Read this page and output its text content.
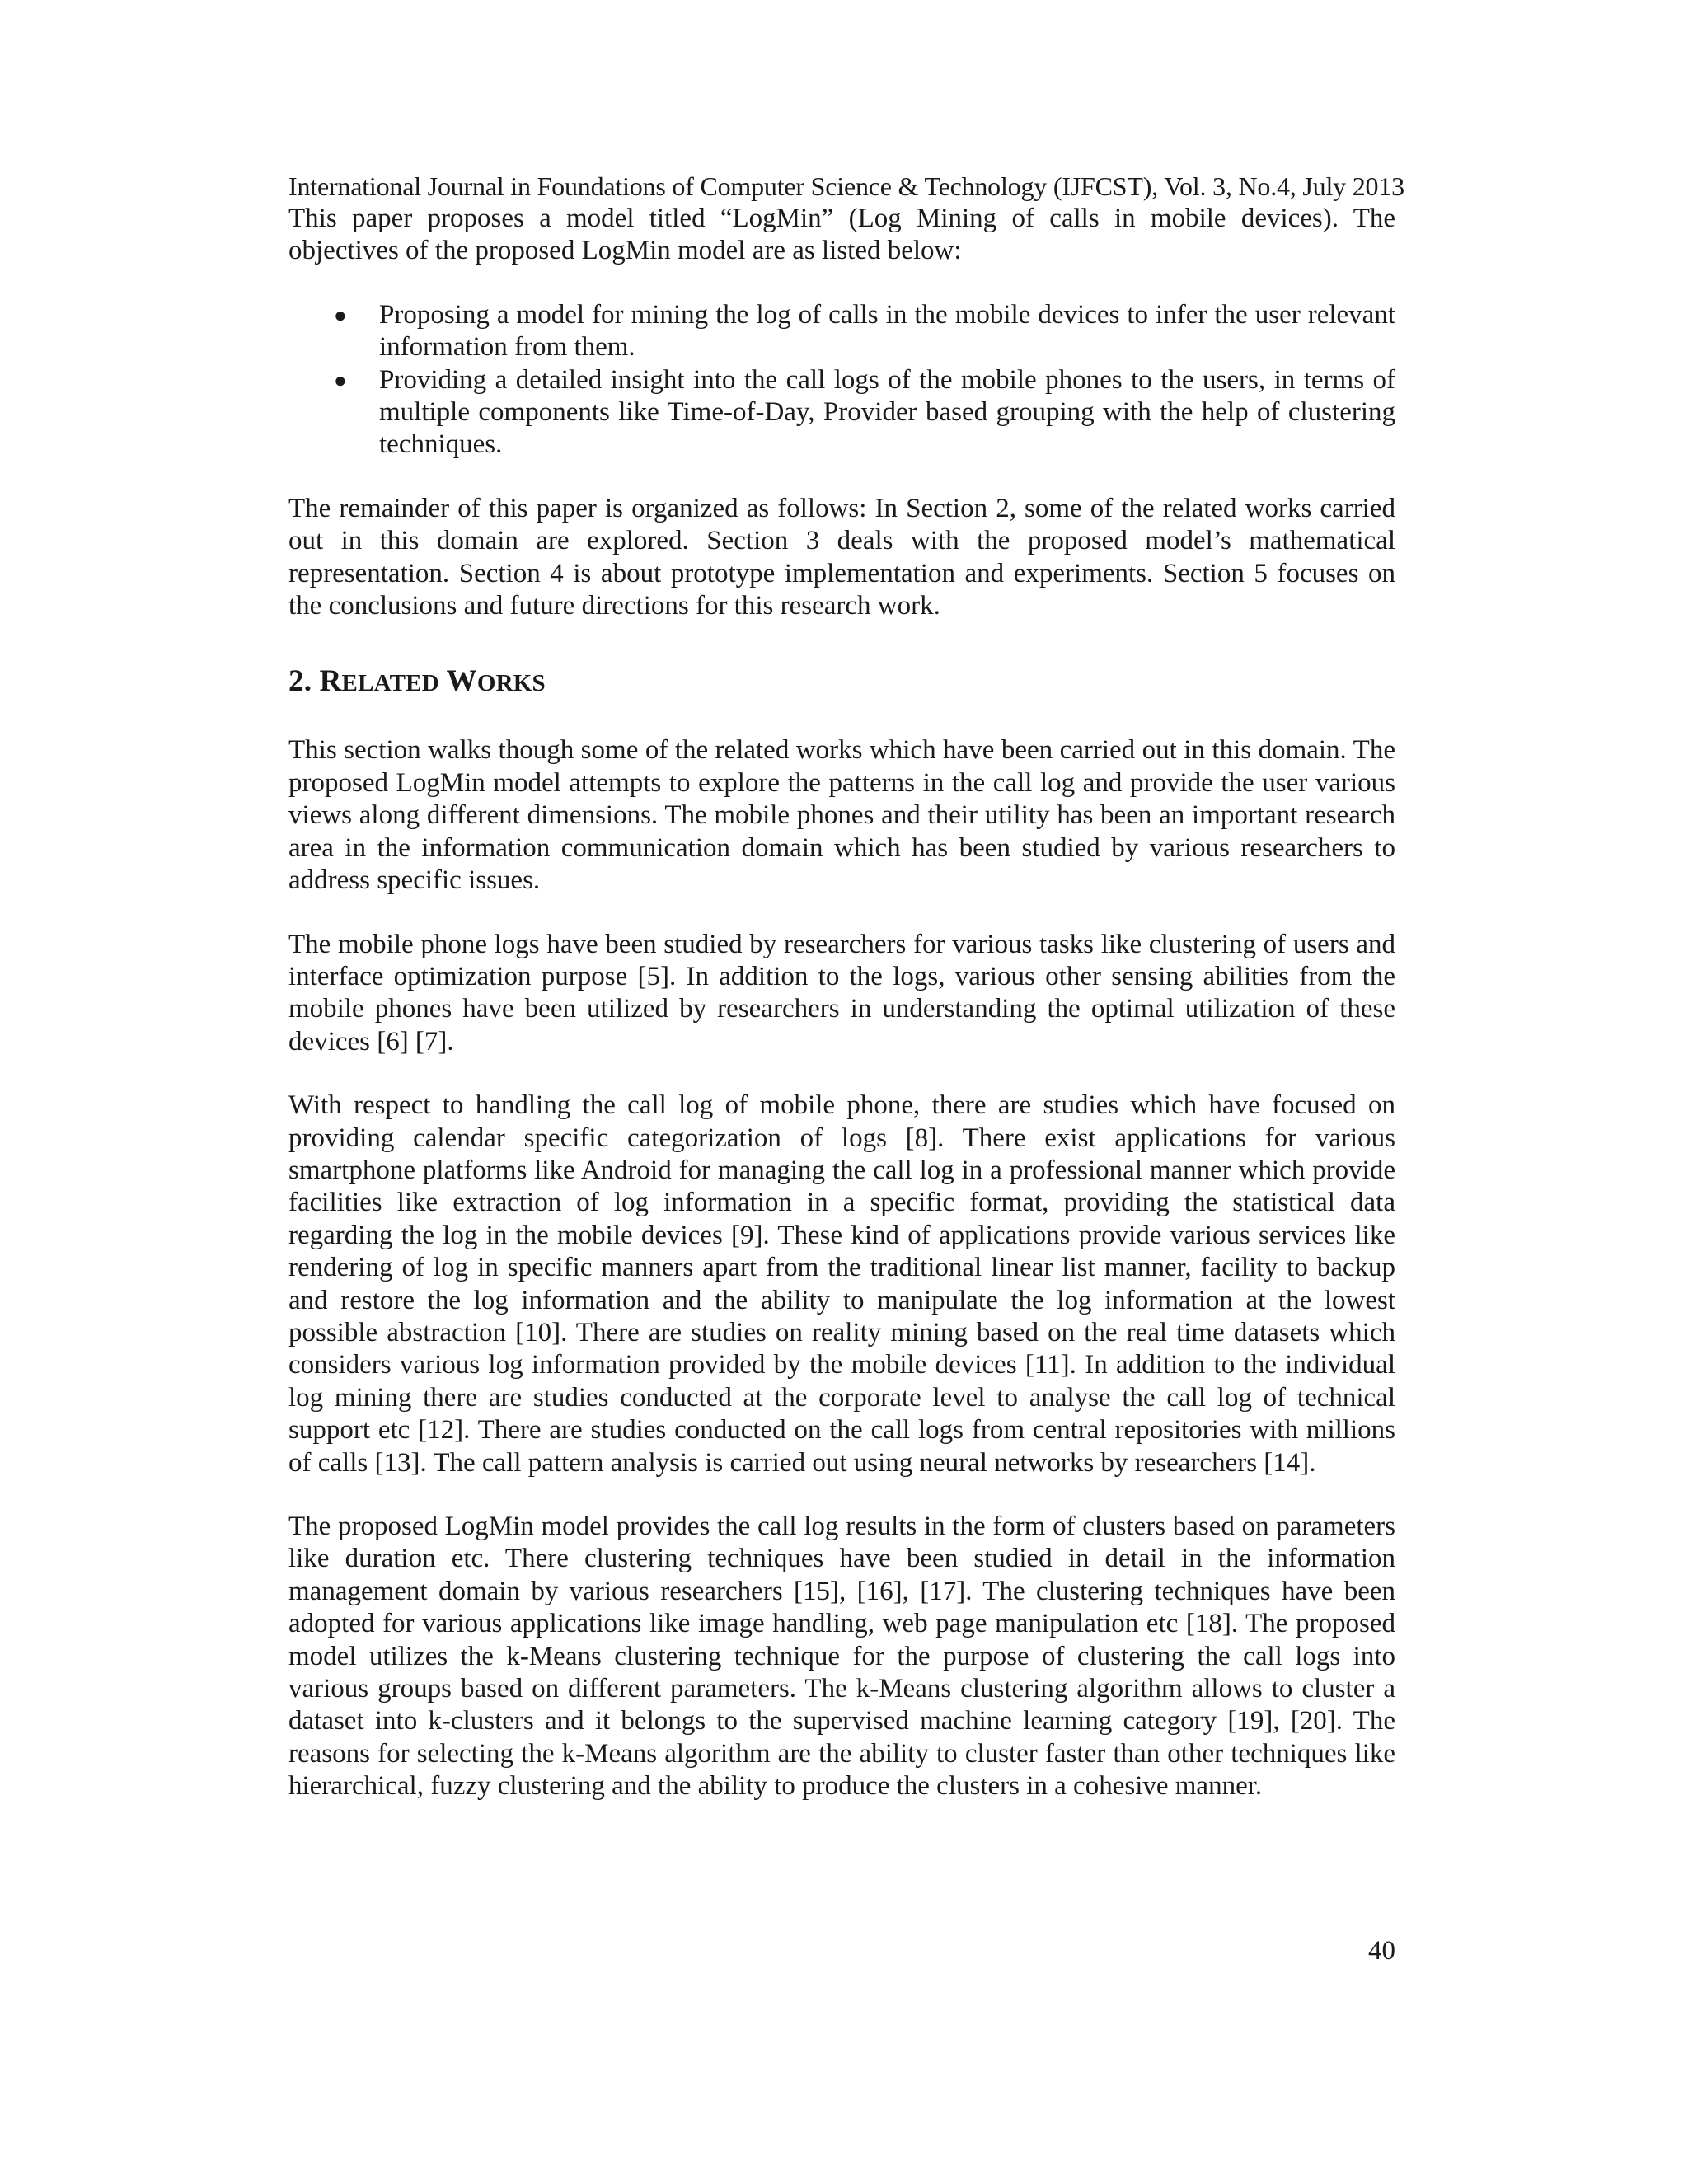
International Journal in Foundations of Computer Science & Technology (IJFCST), Vol. 3, No.4, July 2013

This paper proposes a model titled “LogMin” (Log Mining of calls in mobile devices). The objectives of the proposed LogMin model are as listed below:

● Proposing a model for mining the log of calls in the mobile devices to infer the user relevant information from them.
● Providing a detailed insight into the call logs of the mobile phones to the users, in terms of multiple components like Time-of-Day, Provider based grouping with the help of clustering techniques.

The remainder of this paper is organized as follows: In Section 2, some of the related works carried out in this domain are explored. Section 3 deals with the proposed model’s mathematical representation. Section 4 is about prototype implementation and experiments. Section 5 focuses on the conclusions and future directions for this research work.

2. RELATED WORKS

This section walks though some of the related works which have been carried out in this domain. The proposed LogMin model attempts to explore the patterns in the call log and provide the user various views along different dimensions. The mobile phones and their utility has been an important research area in the information communication domain which has been studied by various researchers to address specific issues.

The mobile phone logs have been studied by researchers for various tasks like clustering of users and interface optimization purpose [5]. In addition to the logs, various other sensing abilities from the mobile phones have been utilized by researchers in understanding the optimal utilization of these devices [6] [7].

With respect to handling the call log of mobile phone, there are studies which have focused on providing calendar specific categorization of logs [8]. There exist applications for various smartphone platforms like Android for managing the call log in a professional manner which provide facilities like extraction of log information in a specific format, providing the statistical data regarding the log in the mobile devices [9]. These kind of applications provide various services like rendering of log in specific manners apart from the traditional linear list manner, facility to backup and restore the log information and the ability to manipulate the log information at the lowest possible abstraction [10]. There are studies on reality mining based on the real time datasets which considers various log information provided by the mobile devices [11]. In addition to the individual log mining there are studies conducted at the corporate level to analyse the call log of technical support etc [12]. There are studies conducted on the call logs from central repositories with millions of calls [13]. The call pattern analysis is carried out using neural networks by researchers [14].

The proposed LogMin model provides the call log results in the form of clusters based on parameters like duration etc. There clustering techniques have been studied in detail in the information management domain by various researchers [15], [16], [17]. The clustering techniques have been adopted for various applications like image handling, web page manipulation etc [18]. The proposed model utilizes the k-Means clustering technique for the purpose of clustering the call logs into various groups based on different parameters. The k-Means clustering algorithm allows to cluster a dataset into k-clusters and it belongs to the supervised machine learning category [19], [20]. The reasons for selecting the k-Means algorithm are the ability to cluster faster than other techniques like hierarchical, fuzzy clustering and the ability to produce the clusters in a cohesive manner.

40
